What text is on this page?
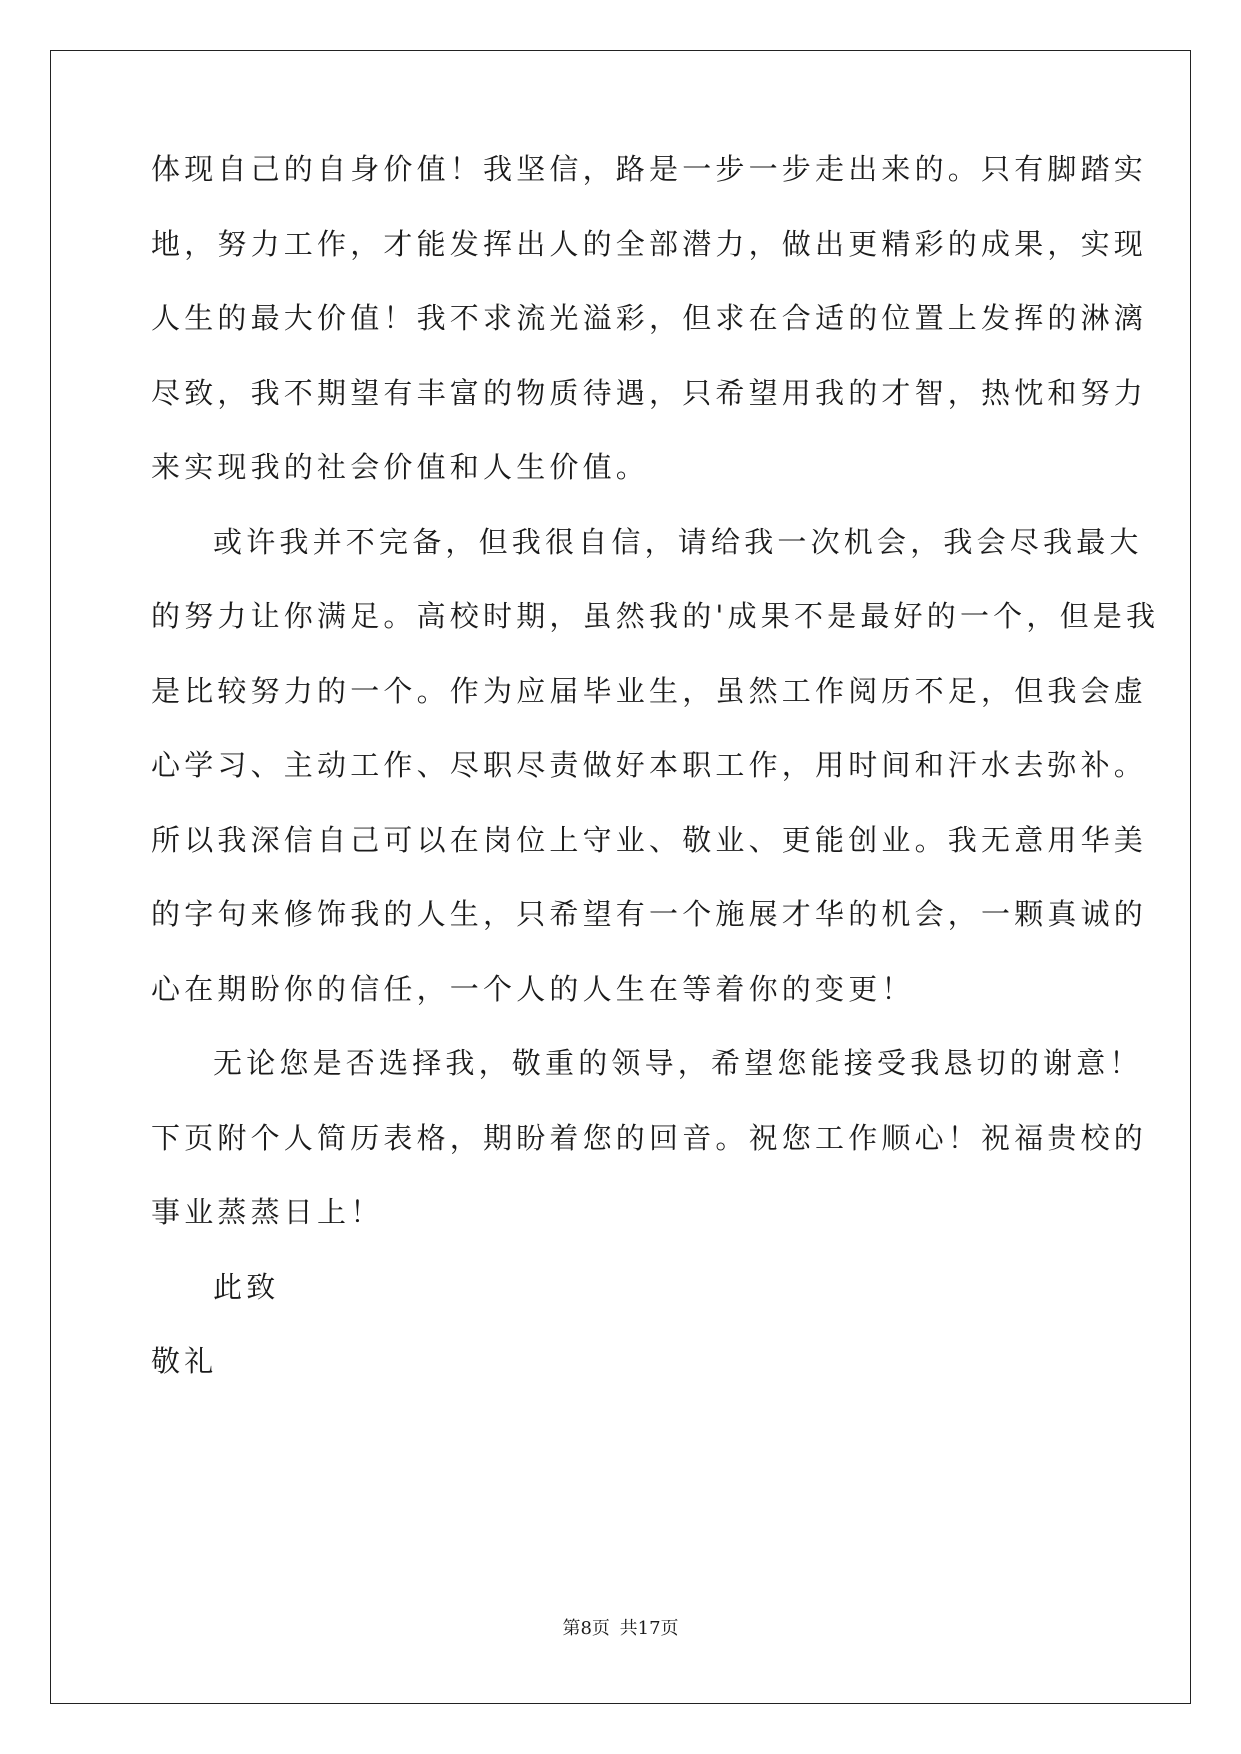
体现自己的自身价值！我坚信，路是一步一步走出来的。只有脚踏实
地，努力工作，才能发挥出人的全部潜力，做出更精彩的成果，实现
人生的最大价值！我不求流光溢彩，但求在合适的位置上发挥的淋漓
尽致，我不期望有丰富的物质待遇，只希望用我的才智，热忱和努力
来实现我的社会价值和人生价值。
或许我并不完备，但我很自信，请给我一次机会，我会尽我最大
的努力让你满足。高校时期，虽然我的'成果不是最好的一个，但是我
是比较努力的一个。作为应届毕业生，虽然工作阅历不足，但我会虚
心学习、主动工作、尽职尽责做好本职工作，用时间和汗水去弥补。
所以我深信自己可以在岗位上守业、敬业、更能创业。我无意用华美
的字句来修饰我的人生，只希望有一个施展才华的机会，一颗真诚的
心在期盼你的信任，一个人的人生在等着你的变更！
无论您是否选择我，敬重的领导，希望您能接受我恳切的谢意！
下页附个人简历表格，期盼着您的回音。祝您工作顺心！祝福贵校的
事业蒸蒸日上！
此致
敬礼
第8页 共17页
